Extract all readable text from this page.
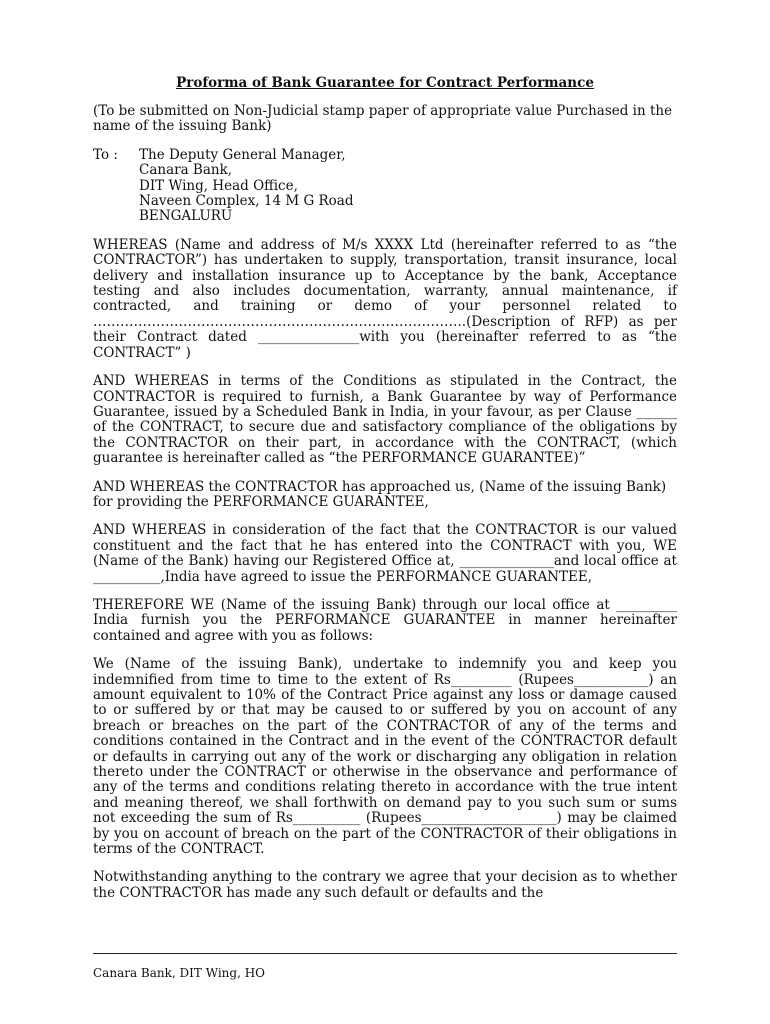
Proforma of Bank Guarantee for Contract Performance

(To be submitted on Non-Judicial stamp paper of appropriate value Purchased in the name of the issuing Bank)

To :	The Deputy General Manager,
Canara Bank,
DIT Wing, Head Office,
Naveen Complex, 14 M G Road
BENGALURU

WHEREAS (Name and address of M/s XXXX Ltd (hereinafter referred to as “the CONTRACTOR”) has undertaken to supply, transportation, transit insurance, local delivery and installation insurance up to Acceptance by the bank, Acceptance testing and also includes documentation, warranty, annual maintenance, if contracted, and training or demo of your personnel related to ………………………………………………………………………..(Description of RFP) as per their Contract dated _______________with you (hereinafter referred to as “the CONTRACT” )

AND WHEREAS in terms of the Conditions as stipulated in the Contract, the CONTRACTOR is required to furnish, a Bank Guarantee by way of Performance Guarantee, issued by a Scheduled Bank in India, in your favour, as per Clause ______ of the CONTRACT, to secure due and satisfactory compliance of the obligations by the CONTRACTOR on their part, in accordance with the CONTRACT, (which guarantee is hereinafter called as “the PERFORMANCE GUARANTEE)”

AND WHEREAS the CONTRACTOR has approached us, (Name of the issuing Bank) for providing the PERFORMANCE GUARANTEE,

AND WHEREAS in consideration of the fact that the CONTRACTOR is our valued constituent and the fact that he has entered into the CONTRACT with you, WE (Name of the Bank) having our Registered Office at, ______________and local office at __________,India have agreed to issue the PERFORMANCE GUARANTEE,

THEREFORE WE (Name of the issuing Bank) through our local office at _________ India furnish you the PERFORMANCE GUARANTEE in manner hereinafter contained and agree with you as follows:

We (Name of the issuing Bank), undertake to indemnify you and keep you indemnified from time to time to the extent of Rs_________ (Rupees___________) an amount equivalent to 10% of the Contract Price against any loss or damage caused to or suffered by or that may be caused to or suffered by you on account of any breach or breaches on the part of the CONTRACTOR of any of the terms and conditions contained in the Contract and in the event of the CONTRACTOR default or defaults in carrying out any of the work or discharging any obligation in relation thereto under the CONTRACT or otherwise in the observance and performance of any of the terms and conditions relating thereto in accordance with the true intent and meaning thereof, we shall forthwith on demand pay to you such sum or sums not exceeding the sum of Rs__________ (Rupees____________________) may be claimed by you on account of breach on the part of the CONTRACTOR of their obligations in terms of the CONTRACT.

Notwithstanding anything to the contrary we agree that your decision as to whether the CONTRACTOR has made any such default or defaults and the

Canara Bank, DIT Wing, HO
